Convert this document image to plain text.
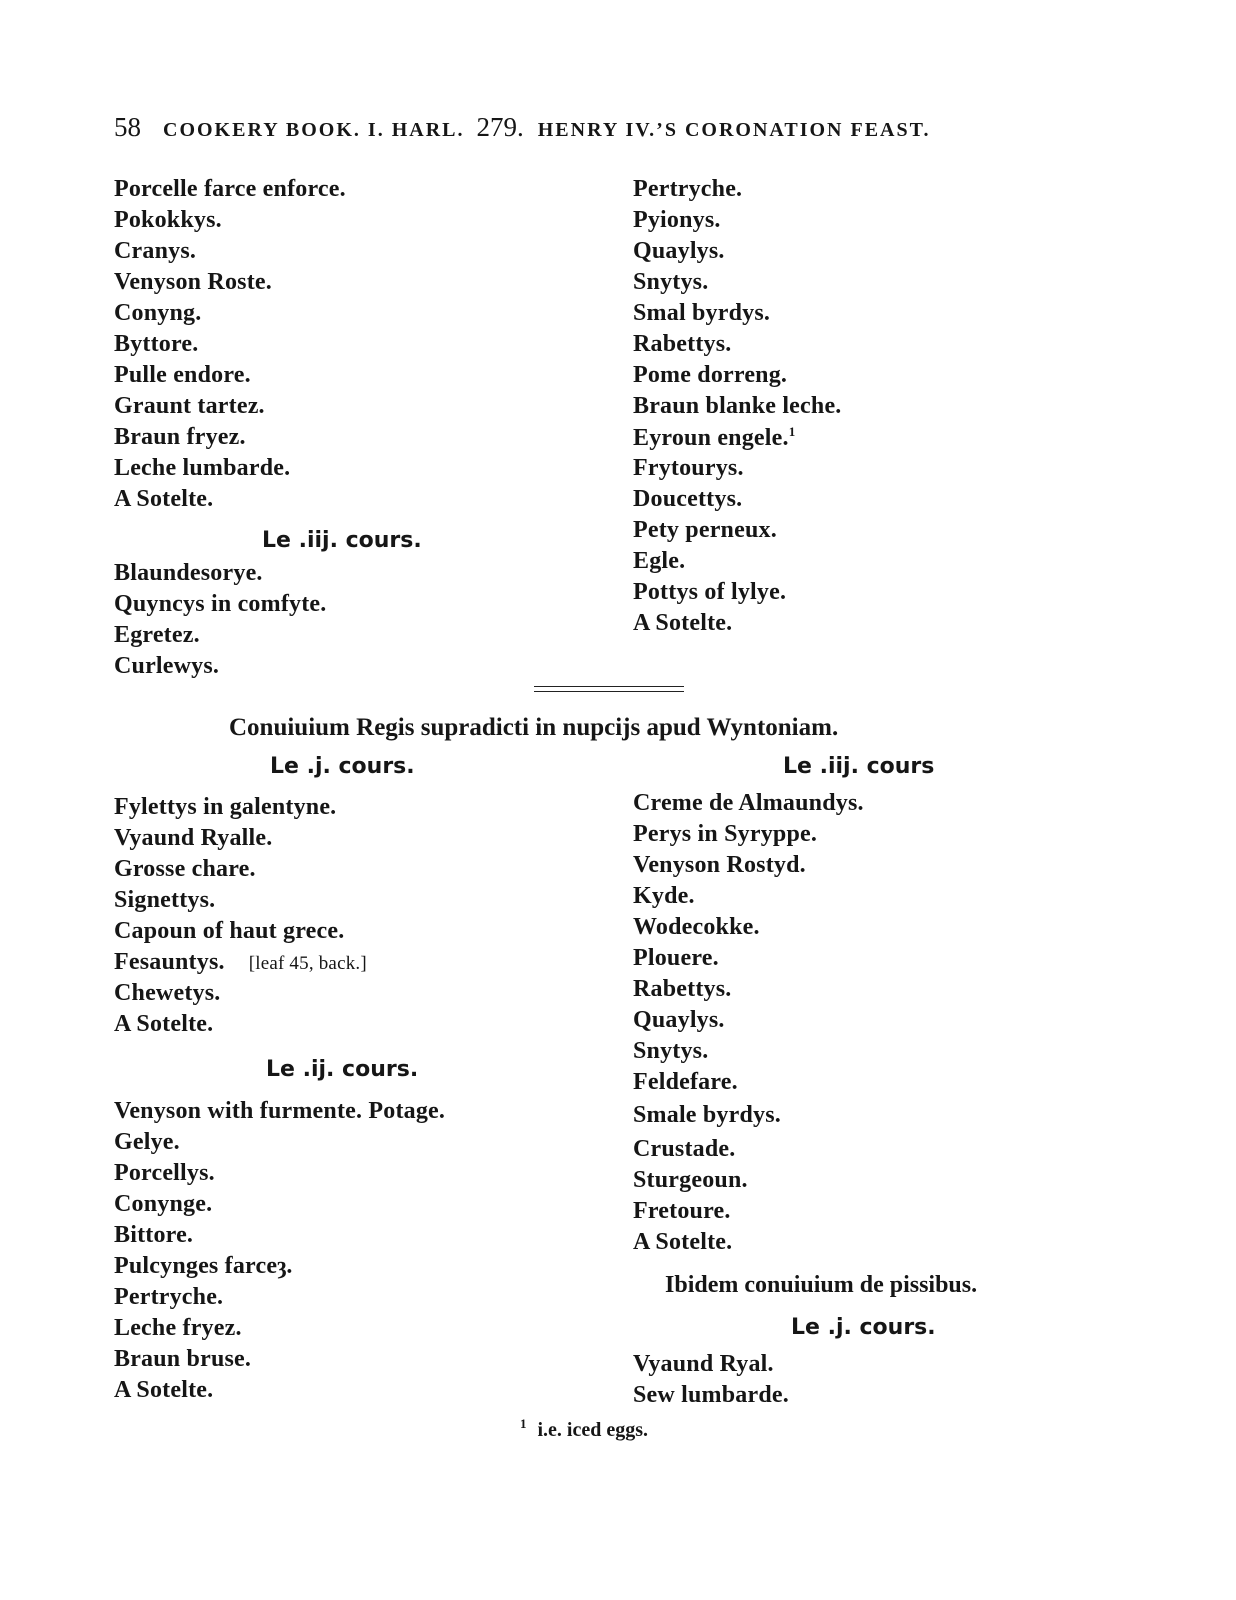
58 COOKERY BOOK. I. HARL. 279. HENRY IV.’S CORONATION FEAST.
Porcelle farce enforce.
Pokokkys.
Cranys.
Venyson Roste.
Conyng.
Byttore.
Pulle endore.
Graunt tartez.
Braun fryez.
Leche lumbarde.
A Sotelte.
Le .iij. cours.
Blaundesorye.
Quyncys in comfyte.
Egretez.
Curlewys.
Pertryche.
Pyionys.
Quaylys.
Snytys.
Smal byrdys.
Rabettys.
Pome dorreng.
Braun blanke leche.
Eyroun engele.$^1$
Frytourys.
Doucettys.
Pety perneux.
Egle.
Pottys of lylye.
A Sotelte.
Conuiuium Regis supradicti in nupcijs apud Wyntoniam.
Le .j. cours.
Fylettys in galentyne.
Vyaund Ryalle.
Grosse chare.
Signettys.
Capoun of haut grece.
Fesauntys. [leaf 45, back.]
Chewetys.
A Sotelte.
Le .ij. cours.
Venyson with furmente. Potage.
Gelye.
Porcellys.
Conynge.
Bittore.
Pulcynges farceȝ.
Pertryche.
Leche fryez.
Braun bruse.
A Sotelte.
Le .iij. cours
Creme de Almaundys.
Perys in Syryppe.
Venyson Rostyd.
Kyde.
Wodecokke.
Plouere.
Rabettys.
Quaylys.
Snytys.
Feldefare.
Smale byrdys.
Crustade.
Sturgeoun.
Fretoure.
A Sotelte.
Ibidem conuiuium de pissibus.
Le .j. cours.
Vyaund Ryal.
Sew lumbarde.
$^1$ i.e. iced eggs.
